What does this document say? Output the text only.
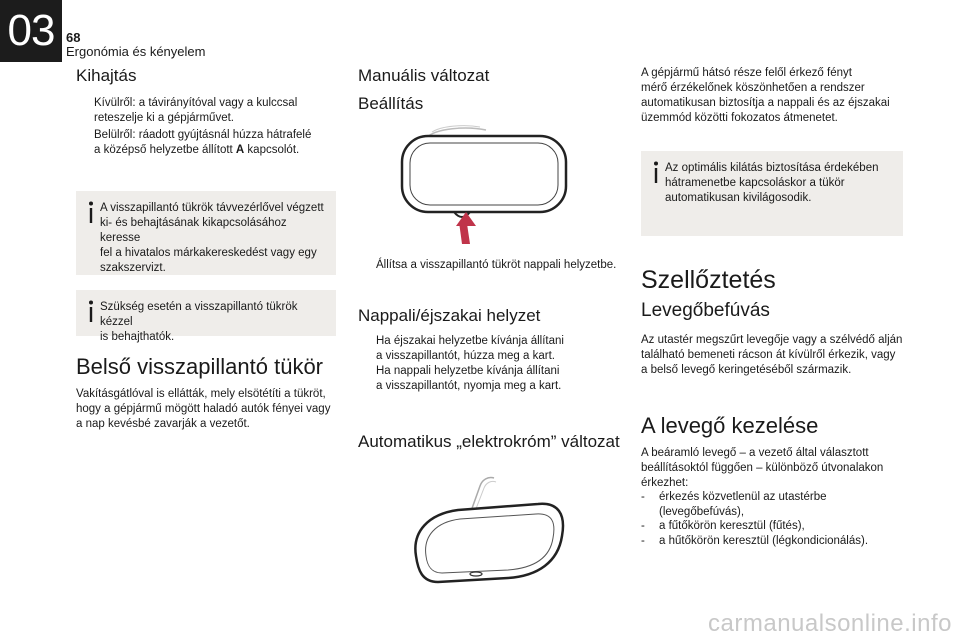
03 68
Ergonómia és kényelem
Kihajtás
Kívülről: a távirányítóval vagy a kulccsal
reteszelje ki a gépjárművet.
Belülről: ráadott gyújtásnál húzza hátrafelé
a középső helyzetbe állított A kapcsolót.
A visszapillantó tükrök távvezérlővel végzett
ki- és behajtásának kikapcsolásához keresse
fel a hivatalos márkakereskedést vagy egy
szakszervizt.
Szükség esetén a visszapillantó tükrök kézzel
is behajthatók.
Belső visszapillantó tükör
Vakításgátlóval is ellátták, mely elsötétíti a tükröt,
hogy a gépjármű mögött haladó autók fényei vagy
a nap kevésbé zavarják a vezetőt.
Manuális változat
Beállítás
Állítsa a visszapillantó tükröt nappali helyzetbe.
Nappali/éjszakai helyzet
Ha éjszakai helyzetbe kívánja állítani
a visszapillantót, húzza meg a kart.
Ha nappali helyzetbe kívánja állítani
a visszapillantót, nyomja meg a kart.
Automatikus „elektrokróm” változat
A gépjármű hátsó része felől érkező fényt
mérő érzékelőnek köszönhetően a rendszer
automatikusan biztosítja a nappali és az éjszakai
üzemmód közötti fokozatos átmenetet.
Az optimális kilátás biztosítása érdekében
hátramenetbe kapcsoláskor a tükör
automatikusan kivilágosodik.
Szellőztetés
Levegőbefúvás
Az utastér megszűrt levegője vagy a szélvédő alján
található bemeneti rácson át kívülről érkezik, vagy
a belső levegő keringetéséből származik.
A levegő kezelése
A beáramló levegő – a vezető által választott
beállításoktól függően – különböző útvonalakon
érkezhet:
- érkezés közvetlenül az utastérbe
(levegőbefúvás),
- a fűtőkörön keresztül (fűtés),
- a hűtőkörön keresztül (légkondicionálás).
carmanualsonline.info
